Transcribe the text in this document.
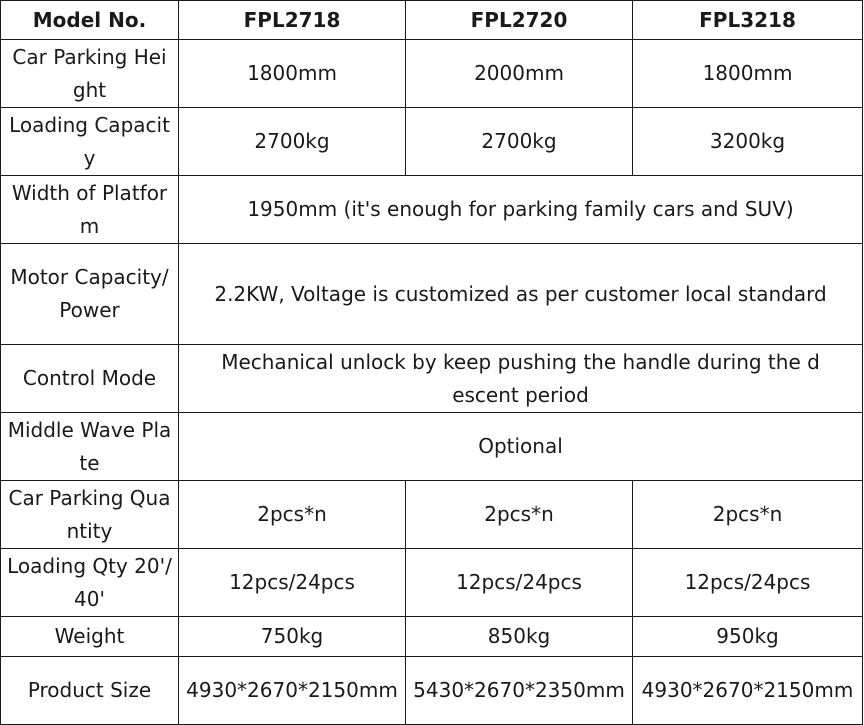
Model No.	FPL2718	FPL2720	FPL3218
Car Parking Height	1800mm	2000mm	1800mm
Loading Capacity	2700kg	2700kg	3200kg
Width of Platform	1950mm (it's enough for parking family cars and SUV)		
Motor Capacity/Power	2.2KW, Voltage is customized as per customer local standard		
Control Mode	Mechanical unlock by keep pushing the handle during the descent period		
Middle Wave Plate	Optional		
Car Parking Quantity	2pcs*n	2pcs*n	2pcs*n
Loading Qty 20'/40'	12pcs/24pcs	12pcs/24pcs	12pcs/24pcs
Weight	750kg	850kg	950kg
Product Size	4930*2670*2150mm	5430*2670*2350mm	4930*2670*2150mm
